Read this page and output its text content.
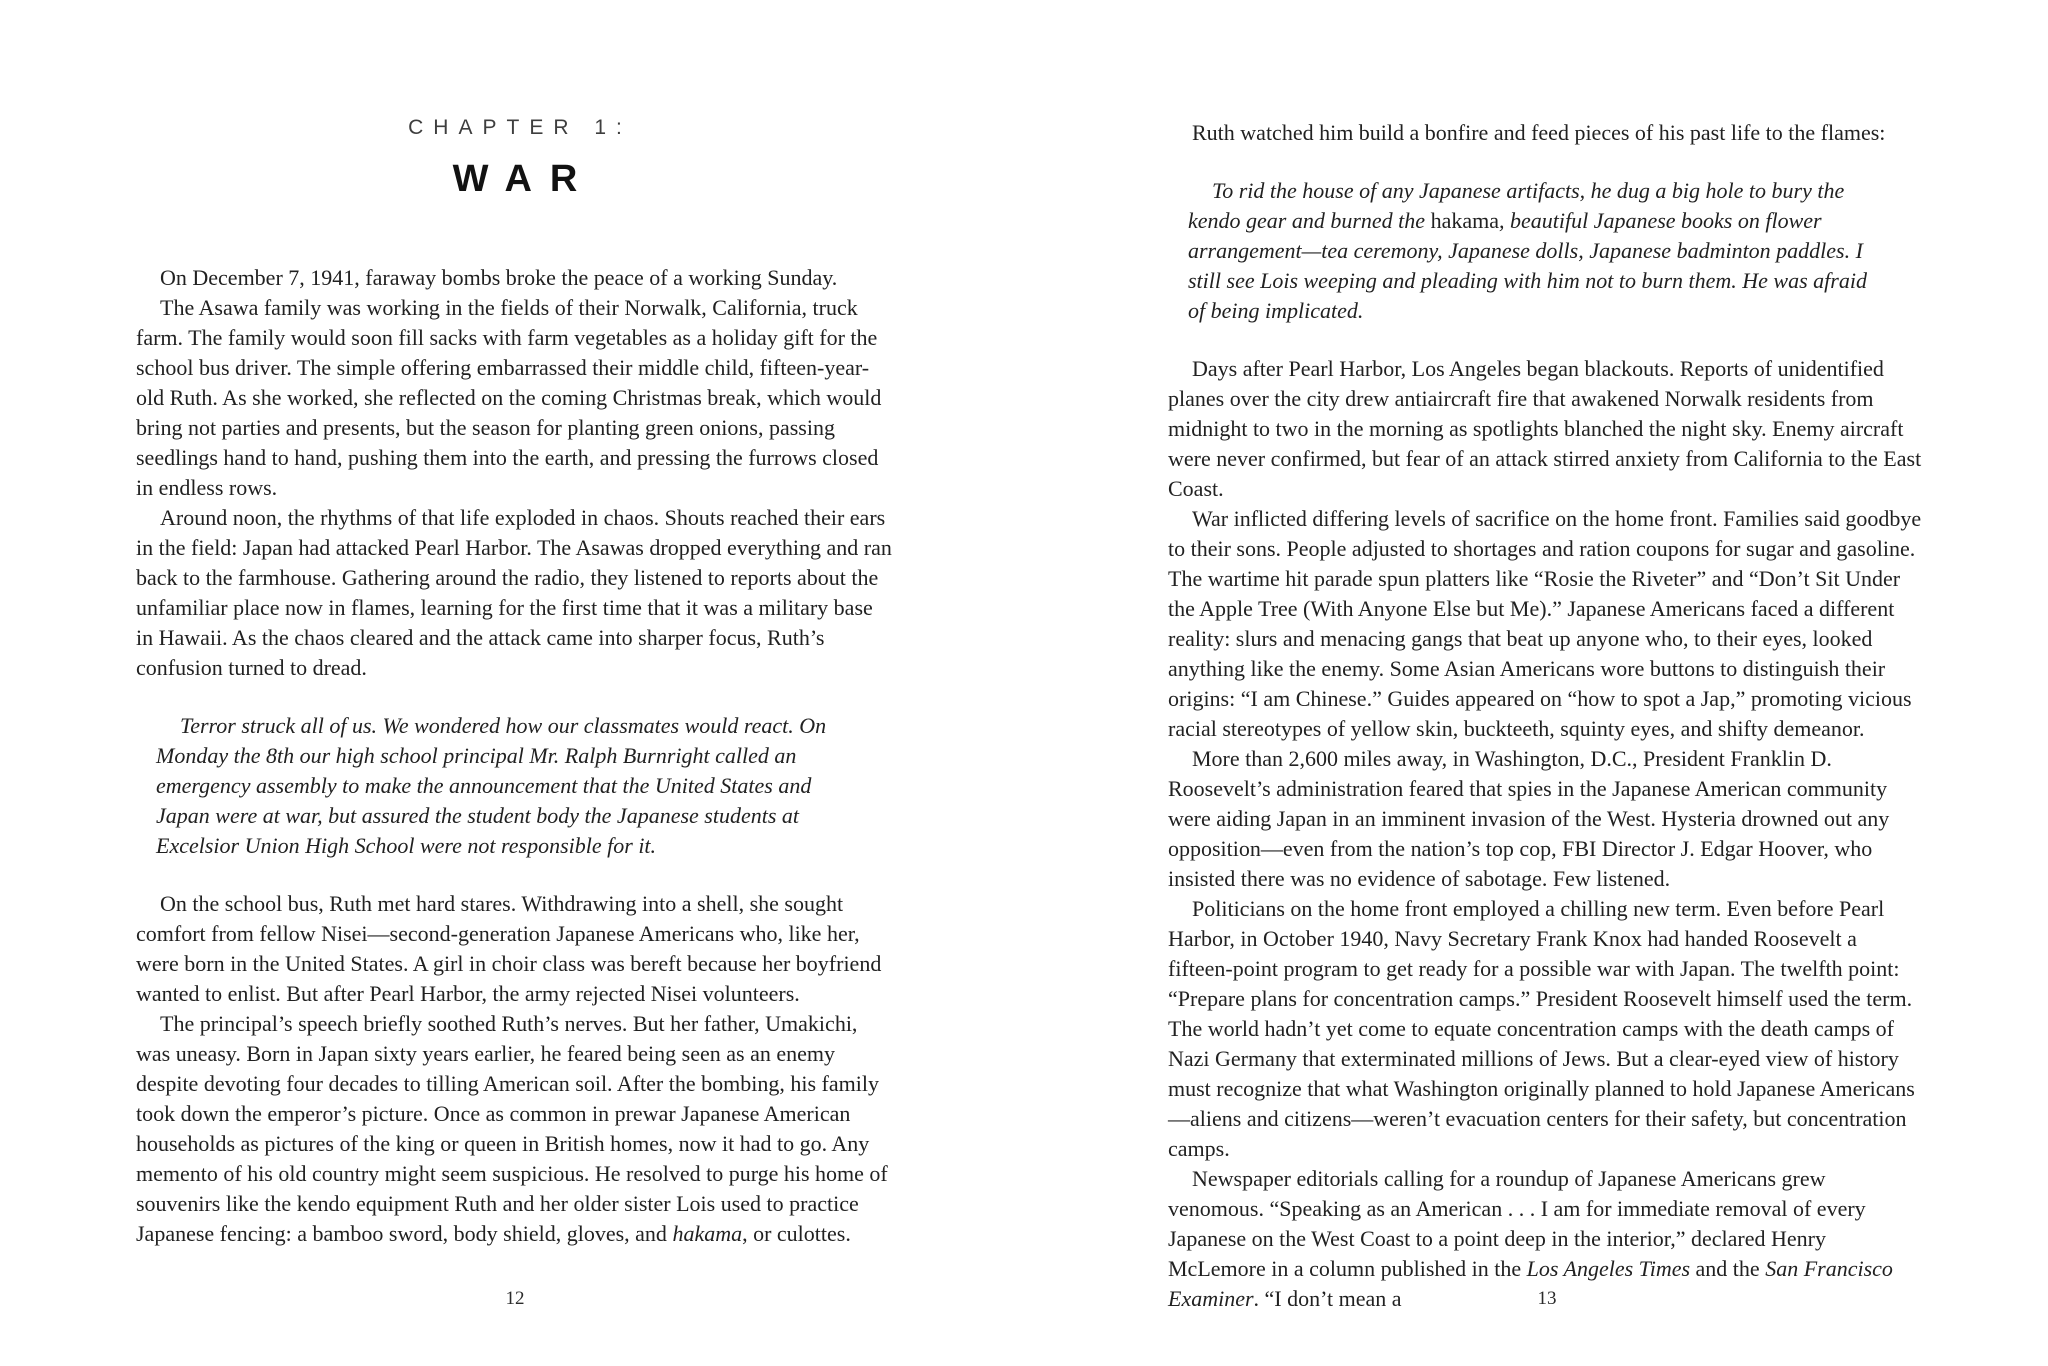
CHAPTER 1:
WAR

On December 7, 1941, faraway bombs broke the peace of a working Sunday.

The Asawa family was working in the fields of their Norwalk, California, truck farm. The family would soon fill sacks with farm vegetables as a holiday gift for the school bus driver. The simple offering embarrassed their middle child, fifteen-year-old Ruth. As she worked, she reflected on the coming Christmas break, which would bring not parties and presents, but the season for planting green onions, passing seedlings hand to hand, pushing them into the earth, and pressing the furrows closed in endless rows.

Around noon, the rhythms of that life exploded in chaos. Shouts reached their ears in the field: Japan had attacked Pearl Harbor. The Asawas dropped everything and ran back to the farmhouse. Gathering around the radio, they listened to reports about the unfamiliar place now in flames, learning for the first time that it was a military base in Hawaii. As the chaos cleared and the attack came into sharper focus, Ruth’s confusion turned to dread.

Terror struck all of us. We wondered how our classmates would react. On Monday the 8th our high school principal Mr. Ralph Burnright called an emergency assembly to make the announcement that the United States and Japan were at war, but assured the student body the Japanese students at Excelsior Union High School were not responsible for it.

On the school bus, Ruth met hard stares. Withdrawing into a shell, she sought comfort from fellow Nisei—second-generation Japanese Americans who, like her, were born in the United States. A girl in choir class was bereft because her boyfriend wanted to enlist. But after Pearl Harbor, the army rejected Nisei volunteers.

The principal’s speech briefly soothed Ruth’s nerves. But her father, Umakichi, was uneasy. Born in Japan sixty years earlier, he feared being seen as an enemy despite devoting four decades to tilling American soil. After the bombing, his family took down the emperor’s picture. Once as common in prewar Japanese American households as pictures of the king or queen in British homes, now it had to go. Any memento of his old country might seem suspicious. He resolved to purge his home of souvenirs like the kendo equipment Ruth and her older sister Lois used to practice Japanese fencing: a bamboo sword, body shield, gloves, and hakama, or culottes.

12

Ruth watched him build a bonfire and feed pieces of his past life to the flames:

To rid the house of any Japanese artifacts, he dug a big hole to bury the kendo gear and burned the hakama, beautiful Japanese books on flower arrangement—tea ceremony, Japanese dolls, Japanese badminton paddles. I still see Lois weeping and pleading with him not to burn them. He was afraid of being implicated.

Days after Pearl Harbor, Los Angeles began blackouts. Reports of unidentified planes over the city drew antiaircraft fire that awakened Norwalk residents from midnight to two in the morning as spotlights blanched the night sky. Enemy aircraft were never confirmed, but fear of an attack stirred anxiety from California to the East Coast.

War inflicted differing levels of sacrifice on the home front. Families said goodbye to their sons. People adjusted to shortages and ration coupons for sugar and gasoline. The wartime hit parade spun platters like “Rosie the Riveter” and “Don’t Sit Under the Apple Tree (With Anyone Else but Me).” Japanese Americans faced a different reality: slurs and menacing gangs that beat up anyone who, to their eyes, looked anything like the enemy. Some Asian Americans wore buttons to distinguish their origins: “I am Chinese.” Guides appeared on “how to spot a Jap,” promoting vicious racial stereotypes of yellow skin, buckteeth, squinty eyes, and shifty demeanor.

More than 2,600 miles away, in Washington, D.C., President Franklin D. Roosevelt’s administration feared that spies in the Japanese American community were aiding Japan in an imminent invasion of the West. Hysteria drowned out any opposition—even from the nation’s top cop, FBI Director J. Edgar Hoover, who insisted there was no evidence of sabotage. Few listened.

Politicians on the home front employed a chilling new term. Even before Pearl Harbor, in October 1940, Navy Secretary Frank Knox had handed Roosevelt a fifteen-point program to get ready for a possible war with Japan. The twelfth point: “Prepare plans for concentration camps.” President Roosevelt himself used the term. The world hadn’t yet come to equate concentration camps with the death camps of Nazi Germany that exterminated millions of Jews. But a clear-eyed view of history must recognize that what Washington originally planned to hold Japanese Americans—aliens and citizens—weren’t evacuation centers for their safety, but concentration camps.

Newspaper editorials calling for a roundup of Japanese Americans grew venomous. “Speaking as an American . . . I am for immediate removal of every Japanese on the West Coast to a point deep in the interior,” declared Henry McLemore in a column published in the Los Angeles Times and the San Francisco Examiner. “I don’t mean a	13
